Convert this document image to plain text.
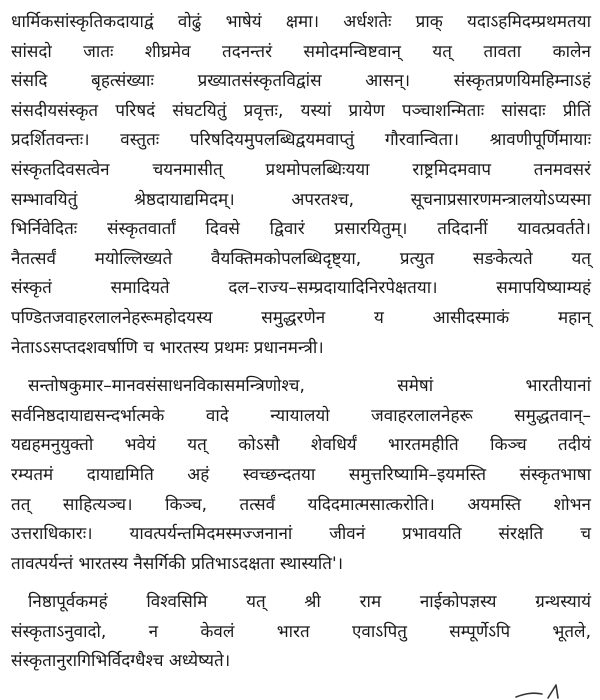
धार्मिकसांस्कृतिकदायाद्वं वोढुं भाषेयं क्षमा। अर्धशतेः प्राक् यदाऽहमिदम्प्रथमतया
सांसदो जातः शीघ्रमेव तदनन्तरं समोदमन्विष्टवान् यत् तावता कालेन
संसदि बृहत्संख्याः प्रख्यातसंस्कृतविद्वांस आसन्। संस्कृतप्रणयिमहिम्नाऽहं
संसदीयसंस्कृत परिषदं संघटयितुं प्रवृत्तः, यस्यां प्रायेण पञ्चाशन्मिताः सांसदाः प्रीतिं
प्रदर्शितवन्तः। वस्तुतः परिषदियमुपलब्धिद्वयमवाप्तुं गौरवान्विता। श्रावणीपूर्णिमायाः
संस्कृतदिवसत्वेन चयनमासीत् प्रथमोपलब्धिःयया राष्ट्रमिदमवाप तनमवसरं
सम्भावयितुं श्रेष्ठदायाद्यमिदम्। अपरतश्च, सूचनाप्रसारणमन्त्रालयोऽप्यस्मा
भिर्निवेदितः संस्कृतवार्तां दिवसे द्विवारं प्रसारयितुम्। तदिदानीं यावत्प्रवर्तते।
नैतत्सर्वं मयोल्लिख्यते वैयक्तिमकोपलब्धिदृष्ट्या, प्रत्युत सङकेत्यते यत्
संस्कृतं समादियते दल–राज्य–सम्प्रदायादिनिरपेक्षतया। समापयिष्याम्यहं
पण्डितजवाहरलालनेहरूमहोदयस्य समुद्धरणेन य आसीदस्माकं महान्
नेताऽऽसप्तदशवर्षाणि च भारतस्य प्रथमः प्रधानमन्त्री।

सन्तोषकुमार–मानवसंसाधनविकासमन्त्रिणोश्च, समेषां भारतीयानां
सर्वनिष्ठदायाद्यसन्दर्भात्मके वादे न्यायालयो जवाहरलालनेहरू समुद्धतवान्–
यद्यहमनुयुक्तो भवेयं यत् कोऽसौ शेवधिर्यं भारतमहीति किञ्च तदीयं
रम्यतमं दायाद्यमिति अहं स्वच्छन्दतया समुत्तरिष्यामि–इयमस्ति संस्कृतभाषा
तत् साहित्यञ्च। किञ्च, तत्सर्वं यदिदमात्मसात्करोति। अयमस्ति शोभन
उत्तराधिकारः। यावत्पर्यन्तमिदमस्मज्जनानां जीवनं प्रभावयति संरक्षति च
तावत्पर्यन्तं भारतस्य नैसर्गिकी प्रतिभाऽदक्षता स्थास्यति'।

निष्ठापूर्वकमहं विश्वसिमि यत् श्री राम नाईकोपज्ञस्य ग्रन्थस्यायं
संस्कृताऽनुवादो, न केवलं भारत एवाऽपितु सम्पूर्णेऽपि भूतले,
संस्कृतानुरागिभिर्विदग्धैश्च अध्येष्यते।
